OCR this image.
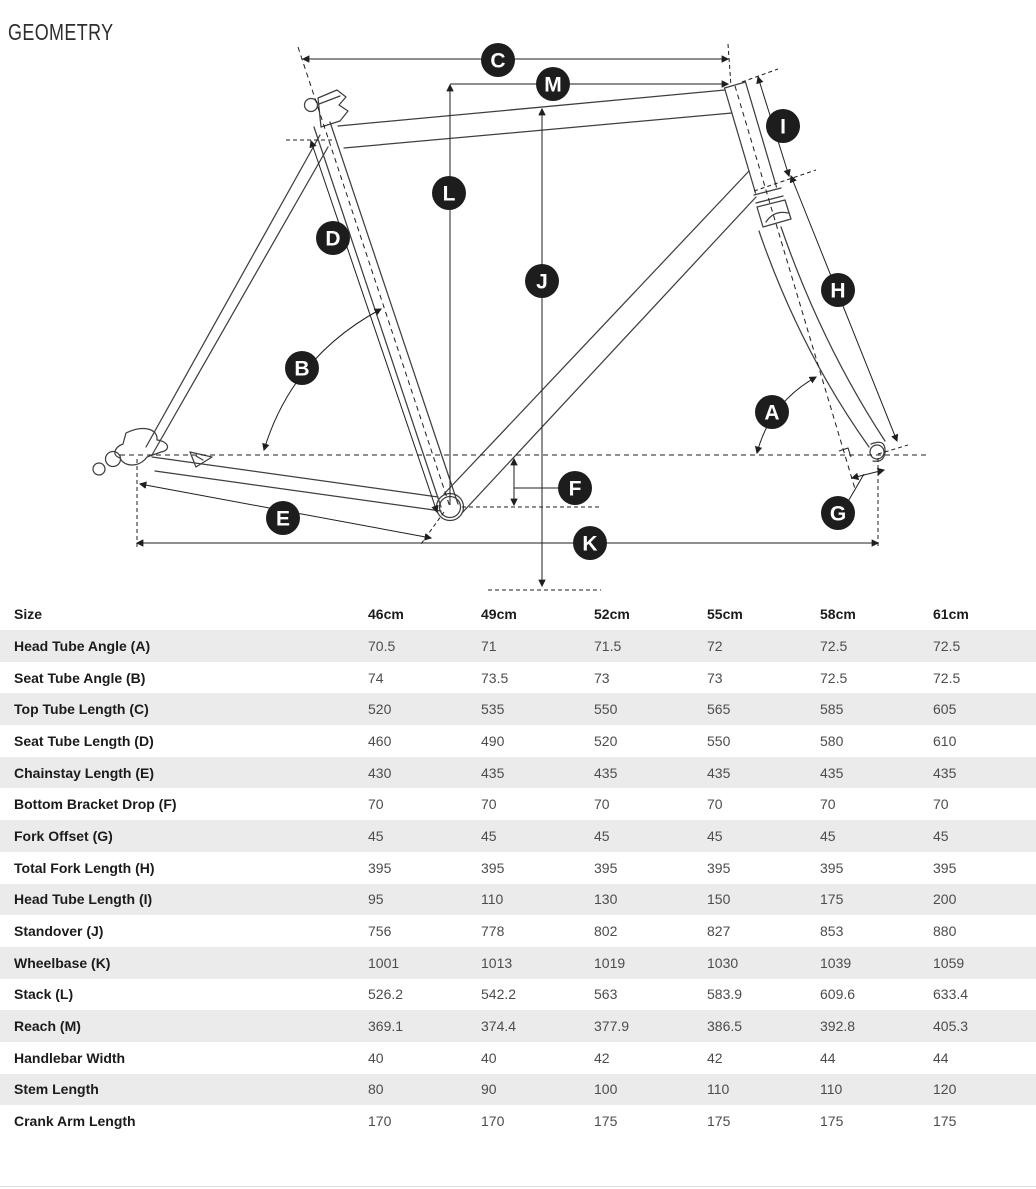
GEOMETRY
C
M
I
L
D
J	H
B
A
F
G
E
K
Size	46cm	49cm	52cm	55cm	58cm	61cm
Head Tube Angle (A)	70.5	71	71.5	72	72.5	72.5
Seat Tube Angle (B)	74	73.5	73	73	72.5	72.5
Top Tube Length (C)	520	535	550	565	585	605
Seat Tube Length (D)	460	490	520	550	580	610
Chainstay Length (E)	430	435	435	435	435	435
Bottom Bracket Drop (F)	70	70	70	70	70	70
Fork Offset (G)	45	45	45	45	45	45
Total Fork Length (H)	395	395	395	395	395	395
Head Tube Length (I)	95	110	130	150	175	200
Standover (J)	756	778	802	827	853	880
Wheelbase (K)	1001	1013	1019	1030	1039	1059
Stack (L)	526.2	542.2	563	583.9	609.6	633.4
Reach (M)	369.1	374.4	377.9	386.5	392.8	405.3
Handlebar Width	40	40	42	42	44	44
Stem Length	80	90	100	110	110	120
Crank Arm Length	170	170	175	175	175	175
